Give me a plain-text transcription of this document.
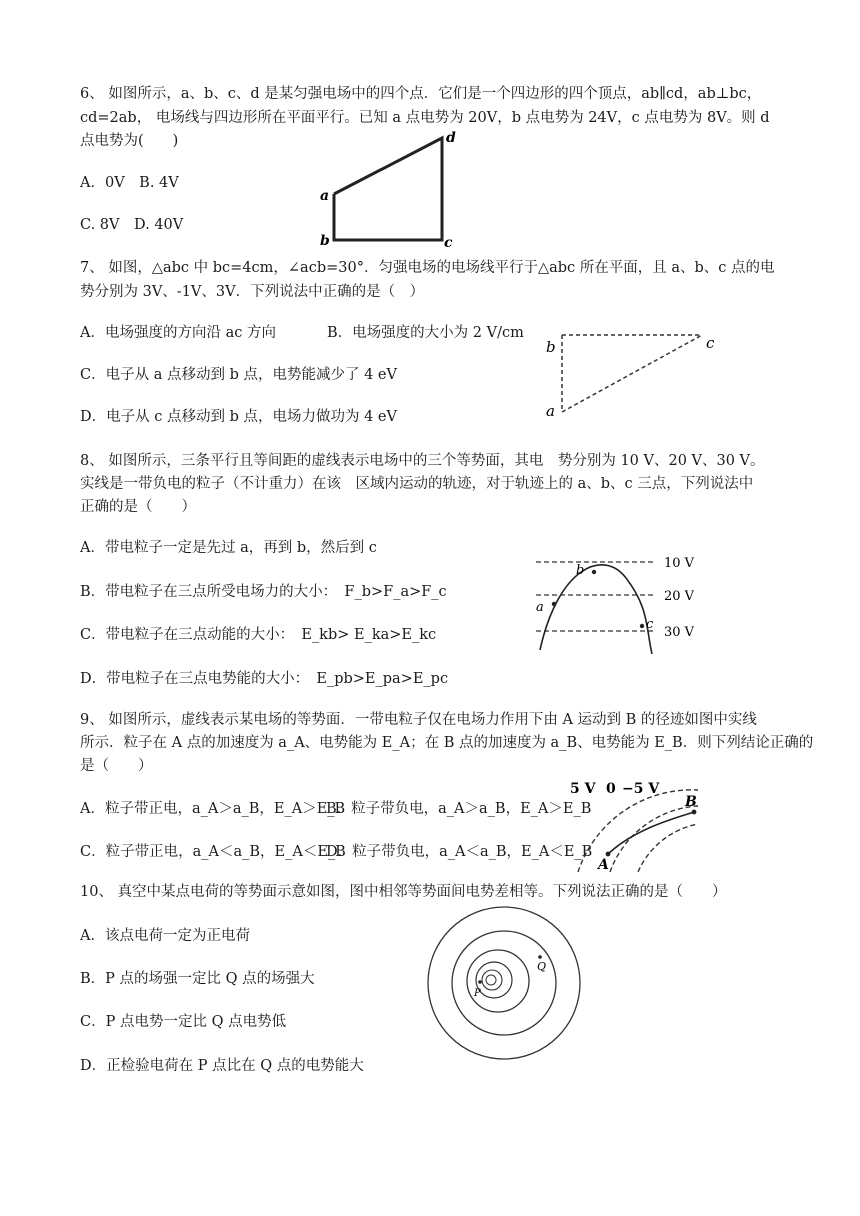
6、 如图所示，a、b、c、d 是某匀强电场中的四个点．它们是一个四边形的四个顶点，ab∥cd，ab⊥bc，
cd=2ab， 电场线与四边形所在平面平行。已知 a 点电势为 20V，b 点电势为 24V，c 点电势为 8V。则 d
点电势为(　　)
A．0V　B. 4V
C. 8V　D. 40V
d
a
b	c
7、 如图，△abc 中 bc=4cm，∠acb=30°．匀强电场的电场线平行于△abc 所在平面，且 a、b、c 点的电
势分别为 3V、-1V、3V．下列说法中正确的是（　）
A．电场强度的方向沿 ac 方向	B．电场强度的大小为 2 V/cm
C．电子从 a 点移动到 b 点，电势能减少了 4 eV
D．电子从 c 点移动到 b 点，电场力做功为 4 eV
b	c
a
8、 如图所示，三条平行且等间距的虚线表示电场中的三个等势面，其电　势分别为 10 V、20 V、30 V。
实线是一带负电的粒子（不计重力）在该　区域内运动的轨迹，对于轨迹上的 a、b、c 三点，下列说法中
正确的是（　　）
A．带电粒子一定是先过 a，再到 b，然后到 c
B．带电粒子在三点所受电场力的大小：　F_b>F_a>F_c
C．带电粒子在三点动能的大小：　E_kb> E_ka>E_kc
D．带电粒子在三点电势能的大小：　E_pb>E_pa>E_pc
10 V
20 V
30 V
a
b
c
9、 如图所示，虚线表示某电场的等势面．一带电粒子仅在电场力作用下由 A 运动到 B 的径迹如图中实线
所示．粒子在 A 点的加速度为 a_A、电势能为 E_A；在 B 点的加速度为 a_B、电势能为 E_B．则下列结论正确的
是（　　）
A．粒子带正电，a_A＞a_B，E_A＞E_B
B．粒子带负电，a_A＞a_B，E_A＞E_B
C．粒子带正电，a_A＜a_B，E_A＜E_B
D．粒子带负电，a_A＜a_B，E_A＜E_B
5 V 0 −5 V
A
B
10、 真空中某点电荷的等势面示意如图，图中相邻等势面间电势差相等。下列说法正确的是（　　）
A．该点电荷一定为正电荷
B．P 点的场强一定比 Q 点的场强大
C．P 点电势一定比 Q 点电势低
D．正检验电荷在 P 点比在 Q 点的电势能大
P
Q
